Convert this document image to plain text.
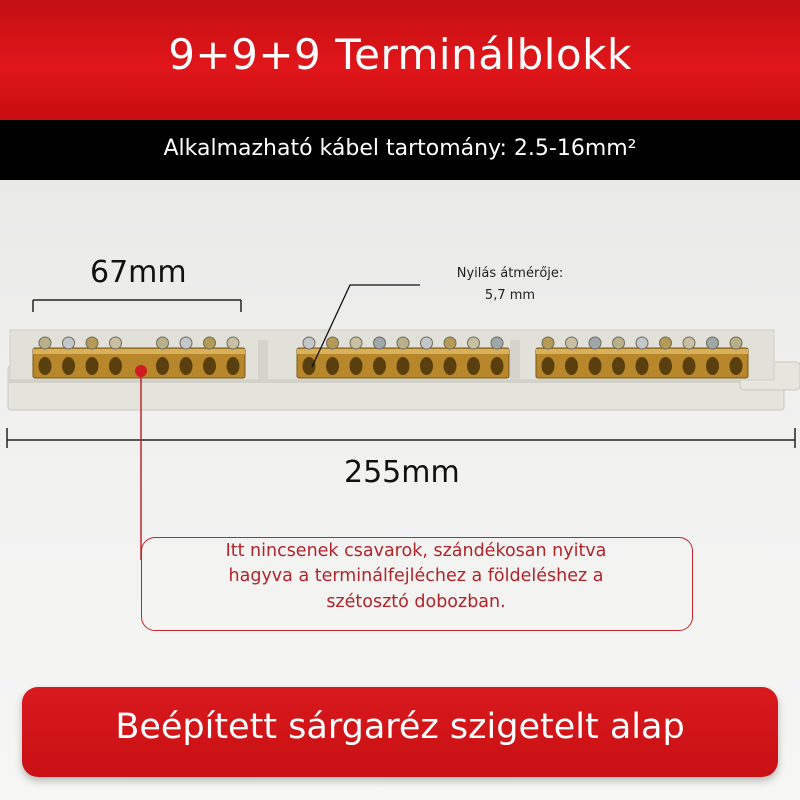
9+9+9 Terminálblokk
Alkalmazható kábel tartomány: 2.5-16mm²
67mm
255mm
Nyilás átmérője:
5,7 mm
Itt nincsenek csavarok, szándékosan nyitva
hagyva a terminálfejléchez a földeléshez a
szétosztó dobozban.
Beépített sárgaréz szigetelt alap
